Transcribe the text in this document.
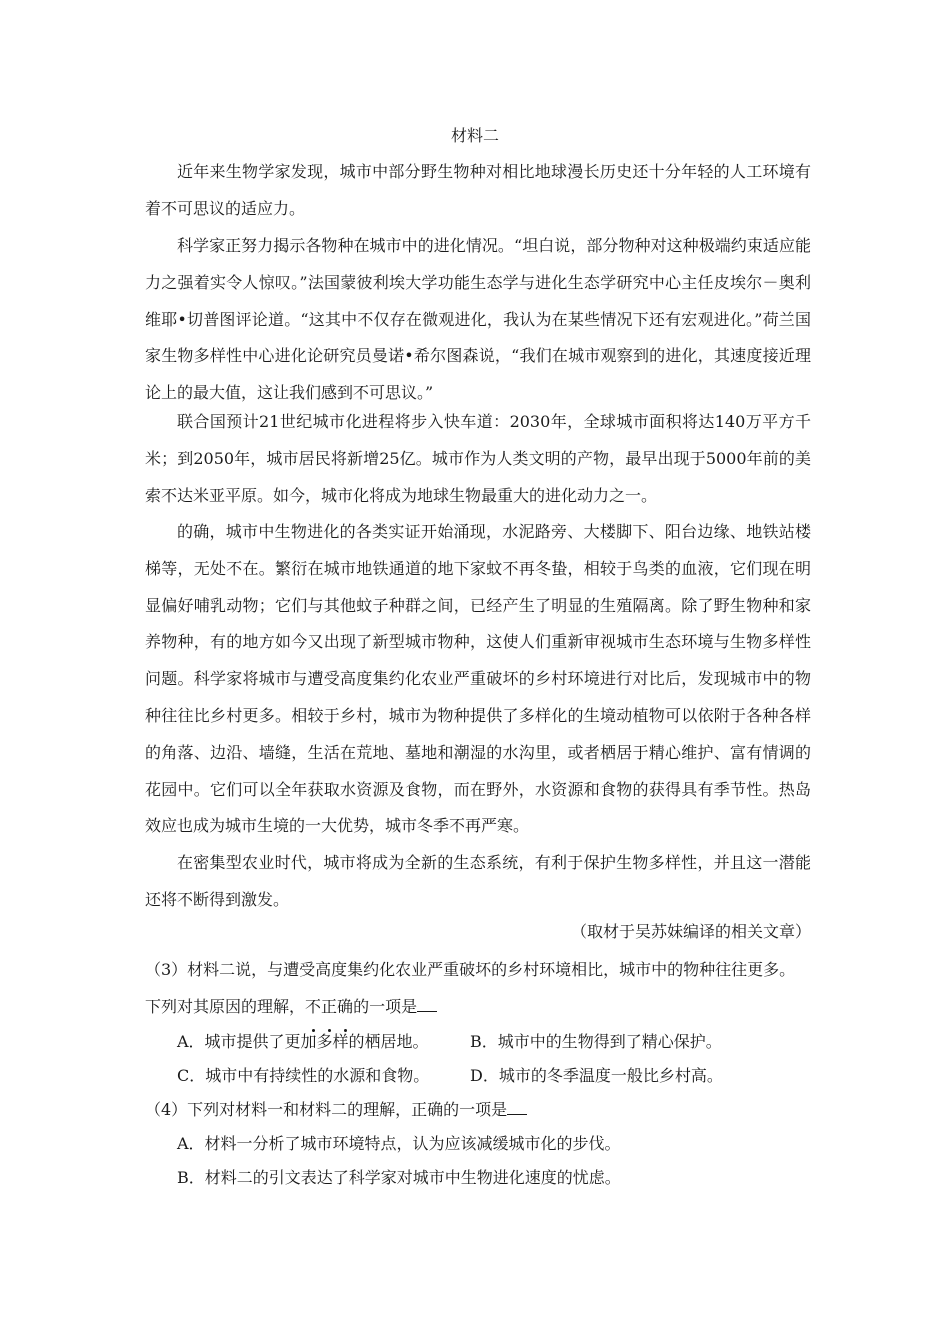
材料二

近年来生物学家发现，城市中部分野生物种对相比地球漫长历史还十分年轻的人工环境有着不可思议的适应力。

科学家正努力揭示各物种在城市中的进化情况。“坦白说，部分物种对这种极端约束适应能力之强着实令人惊叹。”法国蒙彼利埃大学功能生态学与进化生态学研究中心主任皮埃尔－奥利维耶•切普图评论道。“这其中不仅存在微观进化，我认为在某些情况下还有宏观进化。”荷兰国家生物多样性中心进化论研究员曼诺•希尔图森说，“我们在城市观察到的进化，其速度接近理论上的最大值，这让我们感到不可思议。”

联合国预计21世纪城市化进程将步入快车道：2030年，全球城市面积将达140万平方千米；到2050年，城市居民将新增25亿。城市作为人类文明的产物，最早出现于5000年前的美索不达米亚平原。如今，城市化将成为地球生物最重大的进化动力之一。

的确，城市中生物进化的各类实证开始涌现，水泥路旁、大楼脚下、阳台边缘、地铁站楼梯等，无处不在。繁衍在城市地铁通道的地下家蚊不再冬蛰，相较于鸟类的血液，它们现在明显偏好哺乳动物；它们与其他蚊子种群之间，已经产生了明显的生殖隔离。除了野生物种和家养物种，有的地方如今又出现了新型城市物种，这使人们重新审视城市生态环境与生物多样性问题。科学家将城市与遭受高度集约化农业严重破坏的乡村环境进行对比后，发现城市中的物种往往比乡村更多。相较于乡村，城市为物种提供了多样化的生境动植物可以依附于各种各样的角落、边沿、墙缝，生活在荒地、墓地和潮湿的水沟里，或者栖居于精心维护、富有情调的花园中。它们可以全年获取水资源及食物，而在野外，水资源和食物的获得具有季节性。热岛效应也成为城市生境的一大优势，城市冬季不再严寒。

在密集型农业时代，城市将成为全新的生态系统，有利于保护生物多样性，并且这一潜能还将不断得到激发。

（取材于吴苏妹编译的相关文章）

（3）材料二说，与遭受高度集约化农业严重破坏的乡村环境相比，城市中的物种往往更多。

下列对其原因的理解，不正确的一项是

A．城市提供了更加多样的栖居地。	B．城市中的生物得到了精心保护。
C．城市中有持续性的水源和食物。	D．城市的冬季温度一般比乡村高。
（4）下列对材料一和材料二的理解，正确的一项是
A．材料一分析了城市环境特点，认为应该减缓城市化的步伐。
B．材料二的引文表达了科学家对城市中生物进化速度的忧虑。
